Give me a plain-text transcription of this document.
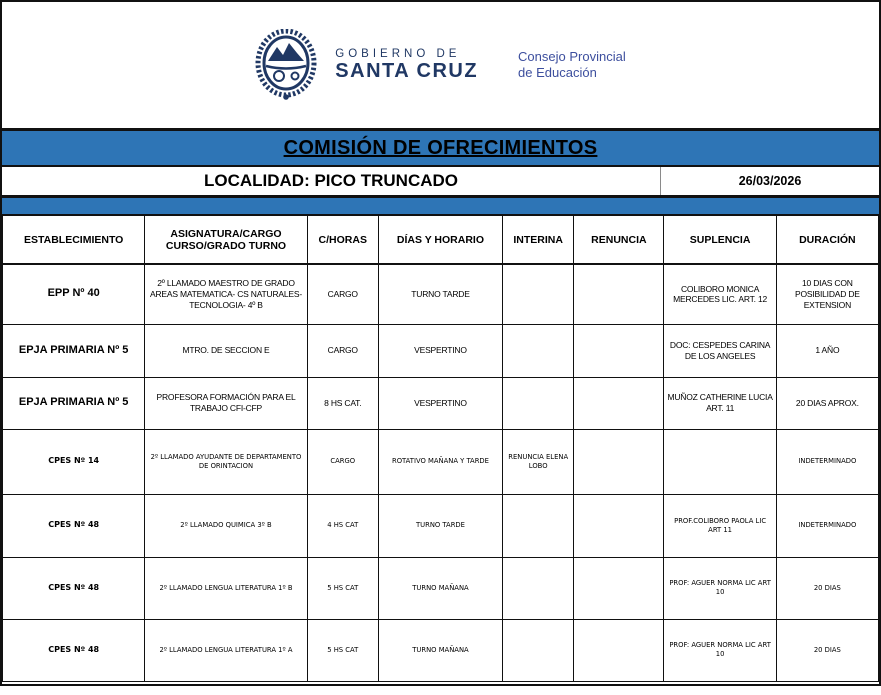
GOBIERNO DE
SANTA CRUZ
Consejo Provincial
de Educación
COMISIÓN DE OFRECIMIENTOS
LOCALIDAD: PICO TRUNCADO	26/03/2026
ESTABLECIMIENTO	ASIGNATURA/CARGO CURSO/GRADO TURNO	C/HORAS	DÍAS Y HORARIO	INTERINA	RENUNCIA	SUPLENCIA	DURACIÓN
EPP Nº 40	2º LLAMADO MAESTRO DE GRADO AREAS MATEMATICA- CS NATURALES- TECNOLOGIA- 4º B	CARGO	TURNO TARDE			COLIBORO MONICA MERCEDES LIC. ART. 12	10 DIAS CON POSIBILIDAD DE EXTENSION
EPJA PRIMARIA Nº 5	MTRO. DE SECCION E	CARGO	VESPERTINO			DOC: CESPEDES CARINA DE LOS ANGELES	1 AÑO
EPJA PRIMARIA Nº 5	PROFESORA FORMACIÓN PARA EL TRABAJO CFI-CFP	8 HS CAT.	VESPERTINO			MUÑOZ CATHERINE LUCIA ART. 11	20 DIAS APROX.
CPES Nº 14	2º LLAMADO AYUDANTE DE DEPARTAMENTO DE ORINTACION	CARGO	ROTATIVO MAÑANA Y TARDE	RENUNCIA ELENA LOBO			INDETERMINADO
CPES Nº 48	2º LLAMADO QUIMICA 3º B	4 HS CAT	TURNO TARDE			PROF.COLIBORO PAOLA LIC ART 11	INDETERMINADO
CPES Nº 48	2º LLAMADO LENGUA LITERATURA 1º B	5 HS CAT	TURNO MAÑANA			PROF: AGUER NORMA LIC ART 10	20 DIAS
CPES Nº 48	2º LLAMADO LENGUA LITERATURA 1º A	5 HS CAT	TURNO MAÑANA			PROF: AGUER NORMA LIC ART 10	20 DIAS
